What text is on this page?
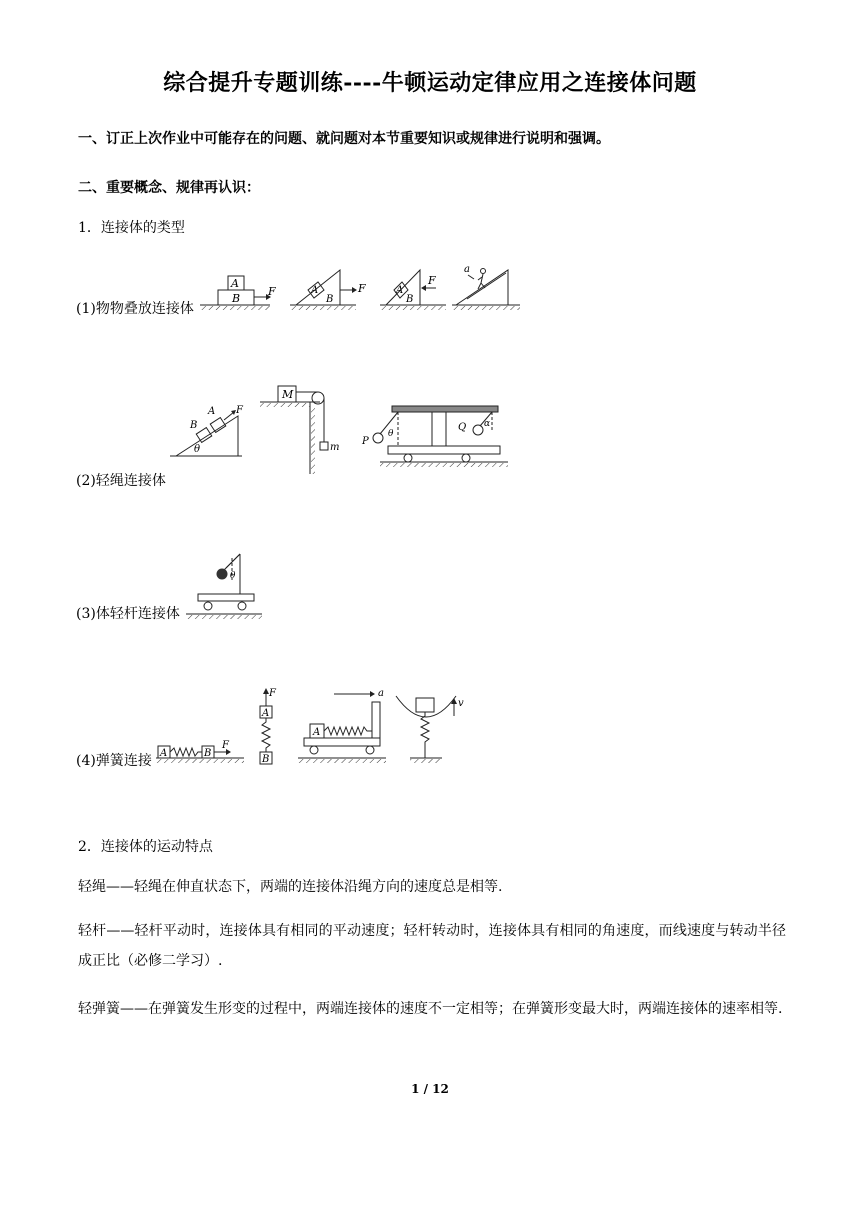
综合提升专题训练----牛顿运动定律应用之连接体问题
一、订正上次作业中可能存在的问题、就问题对本节重要知识或规律进行说明和强调。
二、重要概念、规律再认识：
1．连接体的类型
(1)物物叠放连接体
A
B
F	A
B
F	A
B
F
a
(2)轻绳连接体
B
A F
θ
M
m
P
θ
Q α
(3)体轻杆连接体
θ
(4)弹簧连接 A	B
F
F
A
B
a
A
v
2．连接体的运动特点
轻绳——轻绳在伸直状态下，两端的连接体沿绳方向的速度总是相等.
轻杆——轻杆平动时，连接体具有相同的平动速度；轻杆转动时，连接体具有相同的角速度，而线速度与转动半径成正比（必修二学习）.
轻弹簧——在弹簧发生形变的过程中，两端连接体的速度不一定相等；在弹簧形变最大时，两端连接体的速率相等.
1 / 12
